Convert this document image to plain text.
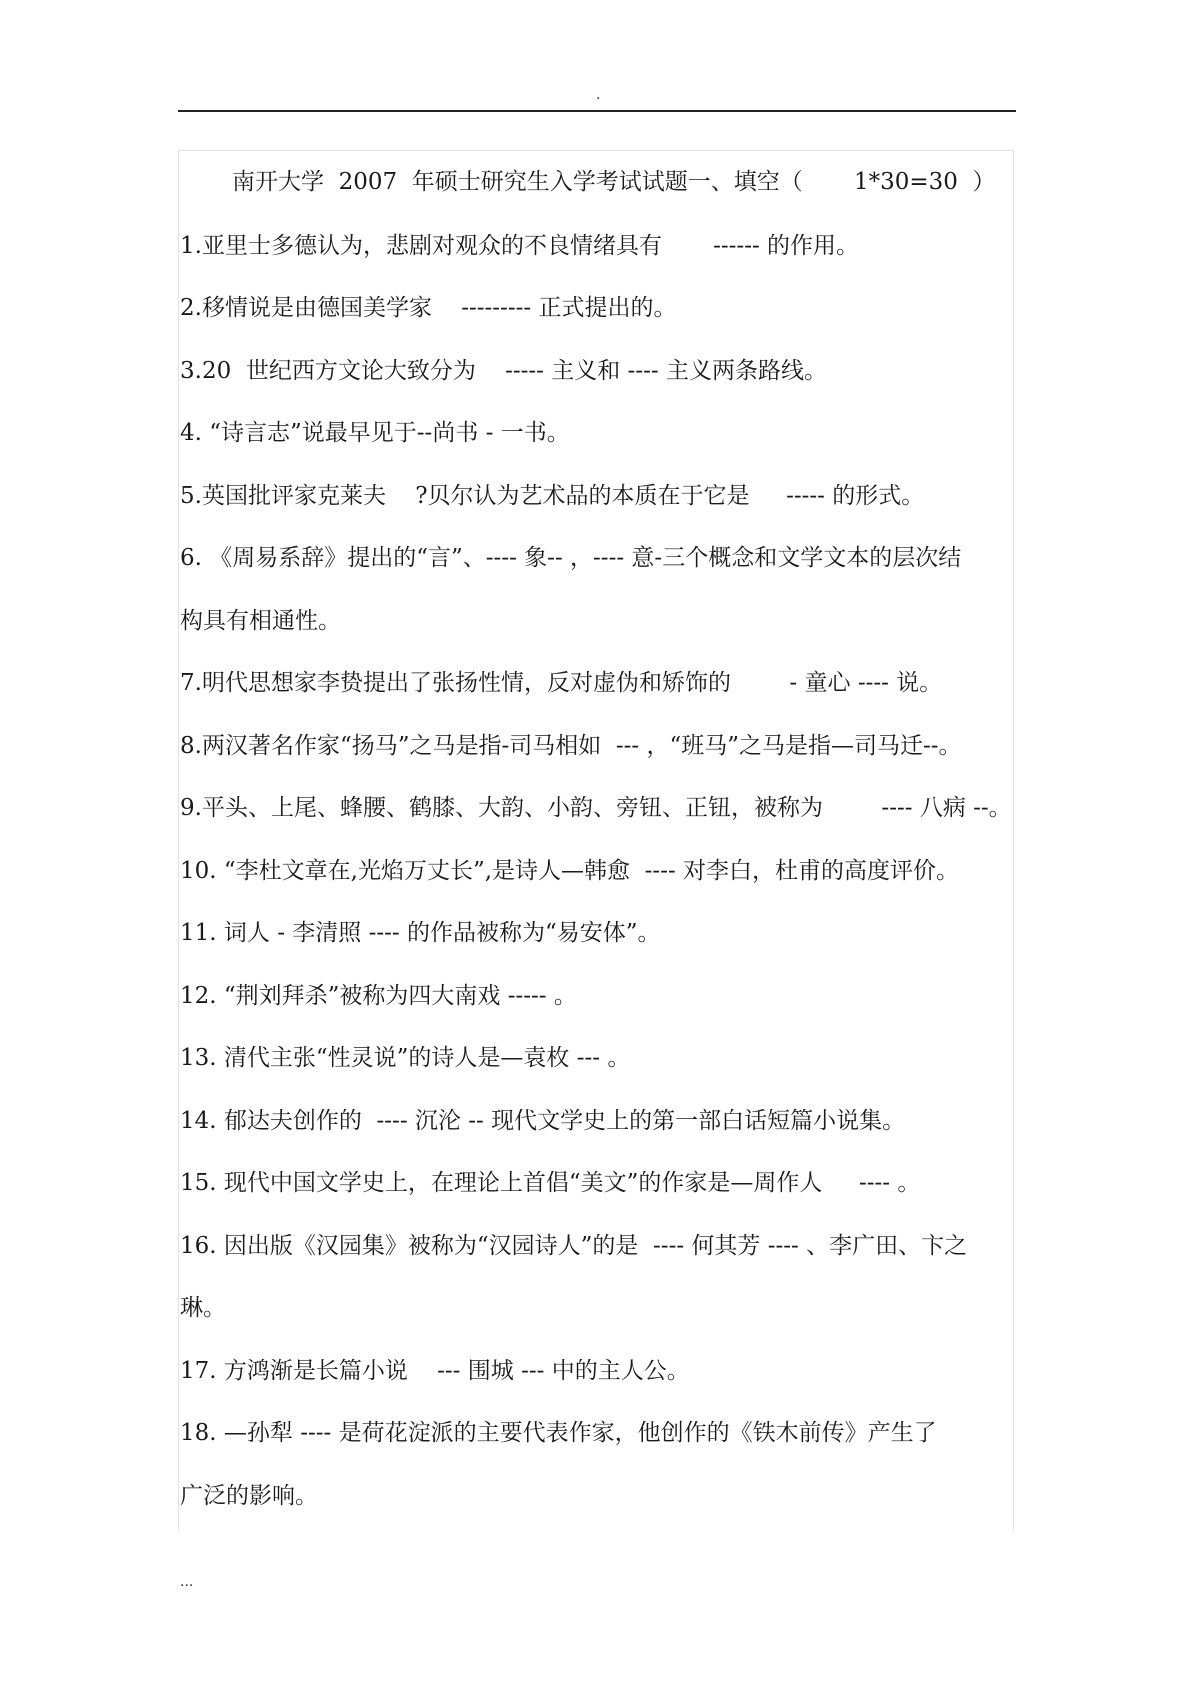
.
南开大学  2007  年硕士研究生入学考试试题一、填空（       1*30=30  ）
1.亚里士多德认为，悲剧对观众的不良情绪具有       ------ 的作用。
2.移情说是由德国美学家    --------- 正式提出的。
3.20  世纪西方文论大致分为    ----- 主义和 ---- 主义两条路线。
4. “诗言志”说最早见于--尚书 - 一书。
5.英国批评家克莱夫    ?贝尔认为艺术品的本质在于它是     ----- 的形式。
6. 《周易系辞》提出的“言”、---- 象-- ，---- 意-三个概念和文学文本的层次结
构具有相通性。
7.明代思想家李贽提出了张扬性情，反对虚伪和矫饰的        - 童心 ---- 说。
8.两汉著名作家“扬马”之马是指-司马相如  --- ，“班马”之马是指—司马迁--。
9.平头、上尾、蜂腰、鹤膝、大韵、小韵、旁钮、正钮，被称为        ---- 八病 --。
10. “李杜文章在,光焰万丈长”,是诗人—韩愈  ---- 对李白，杜甫的高度评价。
11. 词人 - 李清照 ---- 的作品被称为“易安体”。
12. “荆刘拜杀”被称为四大南戏 ----- 。
13. 清代主张“性灵说”的诗人是—袁枚 --- 。
14. 郁达夫创作的  ---- 沉沦 -- 现代文学史上的第一部白话短篇小说集。
15. 现代中国文学史上，在理论上首倡“美文”的作家是—周作人     ---- 。
16. 因出版《汉园集》被称为“汉园诗人”的是  ---- 何其芳 ---- 、李广田、卞之
琳。
17. 方鸿渐是长篇小说    --- 围城 --- 中的主人公。
18. —孙犁 ---- 是荷花淀派的主要代表作家，他创作的《铁木前传》产生了
广泛的影响。
...
